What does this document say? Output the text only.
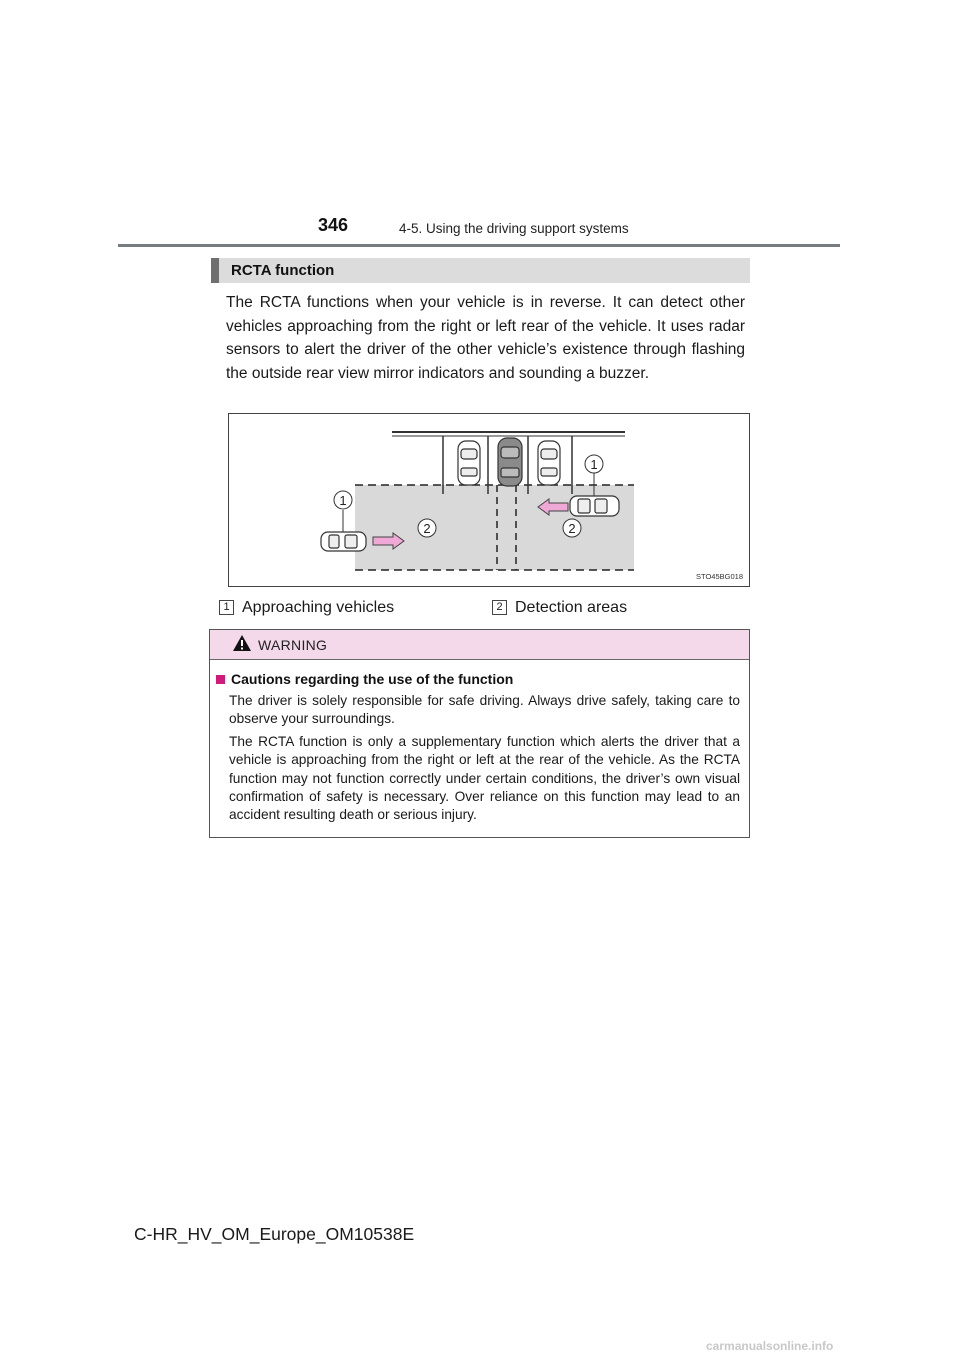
346	4-5. Using the driving support systems
RCTA function
The RCTA functions when your vehicle is in reverse. It can detect other vehicles approaching from the right or left rear of the vehicle. It uses radar sensors to alert the driver of the other vehicle’s existence through flashing the outside rear view mirror indicators and sounding a buzzer.
1
1
2	2
STO45BG018
1 Approaching vehicles	2 Detection areas
WARNING
Cautions regarding the use of the function
The driver is solely responsible for safe driving. Always drive safely, taking care to observe your surroundings.
The RCTA function is only a supplementary function which alerts the driver that a vehicle is approaching from the right or left at the rear of the vehicle. As the RCTA function may not function correctly under certain conditions, the driver’s own visual confirmation of safety is necessary. Over reliance on this function may lead to an accident resulting death or serious injury.
C-HR_HV_OM_Europe_OM10538E
carmanualsonline.info
